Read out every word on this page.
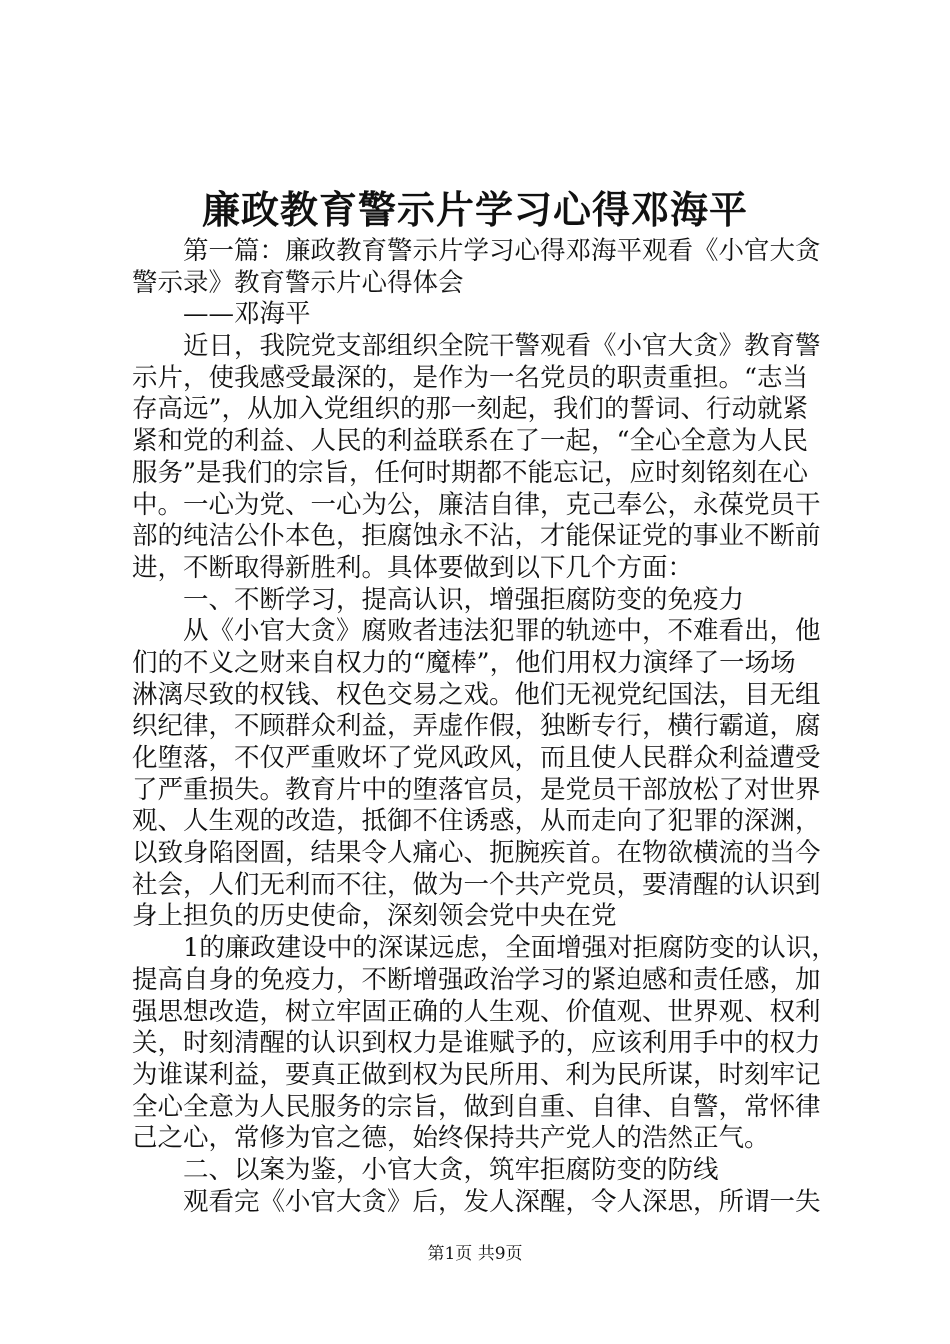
廉政教育警示片学习心得邓海平
第一篇：廉政教育警示片学习心得邓海平观看《小官大贪
警示录》教育警示片心得体会
——邓海平
近日，我院党支部组织全院干警观看《小官大贪》教育警
示片，使我感受最深的，是作为一名党员的职责重担。“志当
存高远”，从加入党组织的那一刻起，我们的誓词、行动就紧
紧和党的利益、人民的利益联系在了一起，“全心全意为人民
服务”是我们的宗旨，任何时期都不能忘记，应时刻铭刻在心
中。一心为党、一心为公，廉洁自律，克己奉公，永葆党员干
部的纯洁公仆本色，拒腐蚀永不沾，才能保证党的事业不断前
进，不断取得新胜利。具体要做到以下几个方面：
一、不断学习，提高认识，增强拒腐防变的免疫力
从《小官大贪》腐败者违法犯罪的轨迹中，不难看出，他
们的不义之财来自权力的“魔棒”，他们用权力演绎了一场场
淋漓尽致的权钱、权色交易之戏。他们无视党纪国法，目无组
织纪律，不顾群众利益，弄虚作假，独断专行，横行霸道，腐
化堕落，不仅严重败坏了党风政风，而且使人民群众利益遭受
了严重损失。教育片中的堕落官员，是党员干部放松了对世界
观、人生观的改造，抵御不住诱惑，从而走向了犯罪的深渊，
以致身陷囹圄，结果令人痛心、扼腕疾首。在物欲横流的当今
社会，人们无利而不往，做为一个共产党员，要清醒的认识到
身上担负的历史使命，深刻领会党中央在党
1的廉政建设中的深谋远虑，全面增强对拒腐防变的认识，
提高自身的免疫力，不断增强政治学习的紧迫感和责任感，加
强思想改造，树立牢固正确的人生观、价值观、世界观、权利
关，时刻清醒的认识到权力是谁赋予的，应该利用手中的权力
为谁谋利益，要真正做到权为民所用、利为民所谋，时刻牢记
全心全意为人民服务的宗旨，做到自重、自律、自警，常怀律
己之心，常修为官之德，始终保持共产党人的浩然正气。
二、以案为鉴，小官大贪，筑牢拒腐防变的防线
观看完《小官大贪》后，发人深醒，令人深思，所谓一失
第1页 共9页
